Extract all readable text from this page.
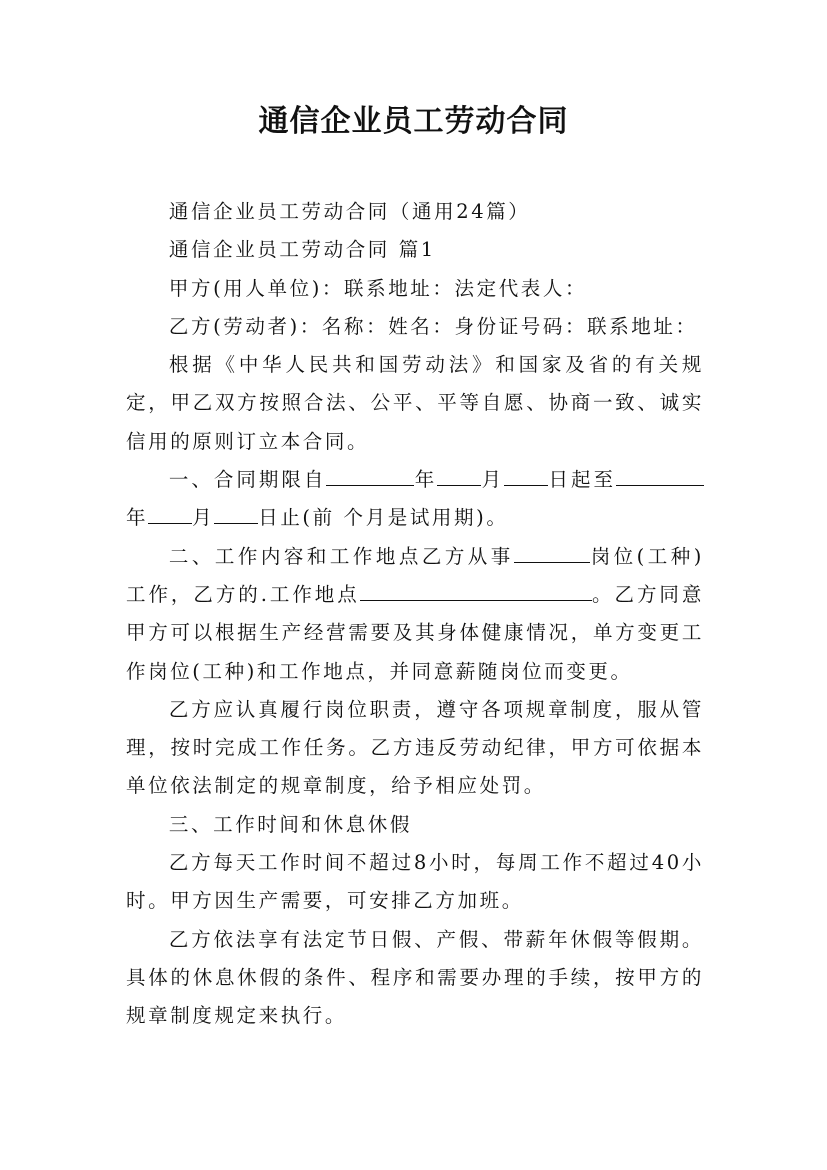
通信企业员工劳动合同

通信企业员工劳动合同（通用24篇）

通信企业员工劳动合同 篇1

甲方(用人单位)：联系地址：法定代表人：

乙方(劳动者)：名称：姓名：身份证号码：联系地址：

根据《中华人民共和国劳动法》和国家及省的有关规定，甲乙双方按照合法、公平、平等自愿、协商一致、诚实信用的原则订立本合同。

一、合同期限自	年 月 日起至年 月 日止(前 个月是试用期)。

二、工作内容和工作地点乙方从事	岗位(工种)工作，乙方的.工作地点	。乙方同意甲方可以根据生产经营需要及其身体健康情况，单方变更工作岗位(工种)和工作地点，并同意薪随岗位而变更。

乙方应认真履行岗位职责，遵守各项规章制度，服从管理，按时完成工作任务。乙方违反劳动纪律，甲方可依据本单位依法制定的规章制度，给予相应处罚。

三、工作时间和休息休假

乙方每天工作时间不超过8小时，每周工作不超过40小时。甲方因生产需要，可安排乙方加班。

乙方依法享有法定节日假、产假、带薪年休假等假期。具体的休息休假的条件、程序和需要办理的手续，按甲方的规章制度规定来执行。
